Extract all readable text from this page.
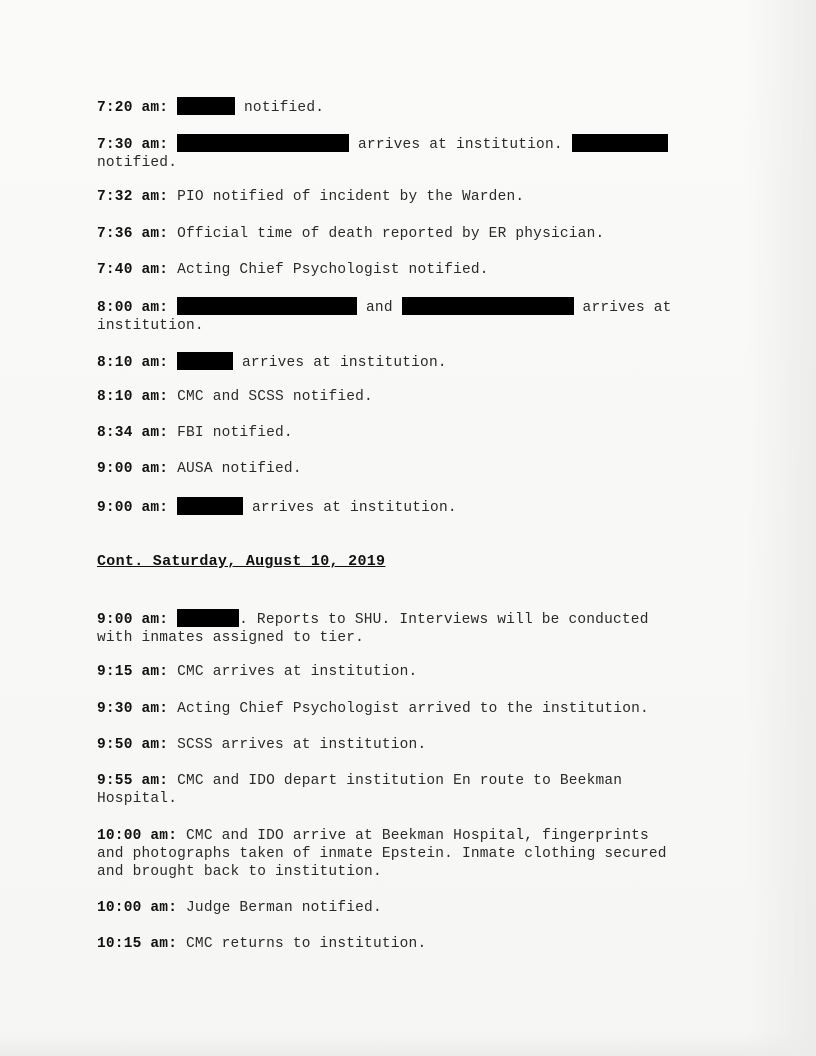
7:20 am:	notified.
7:30 am:	arrives at institution.
notified.
7:32 am: PIO notified of incident by the Warden.
7:36 am: Official time of death reported by ER physician.
7:40 am: Acting Chief Psychologist notified.
8:00 am:	and	arrives at
institution.
8:10 am:	arrives at institution.
8:10 am: CMC and SCSS notified.
8:34 am: FBI notified.
9:00 am: AUSA notified.
9:00 am:	arrives at institution.
Cont. Saturday, August 10, 2019
9:00 am:	. Reports to SHU. Interviews will be conducted
with inmates assigned to tier.
9:15 am: CMC arrives at institution.
9:30 am: Acting Chief Psychologist arrived to the institution.
9:50 am: SCSS arrives at institution.
9:55 am: CMC and IDO depart institution En route to Beekman
Hospital.
10:00 am: CMC and IDO arrive at Beekman Hospital, fingerprints
and photographs taken of inmate Epstein. Inmate clothing secured
and brought back to institution.
10:00 am: Judge Berman notified.
10:15 am: CMC returns to institution.
